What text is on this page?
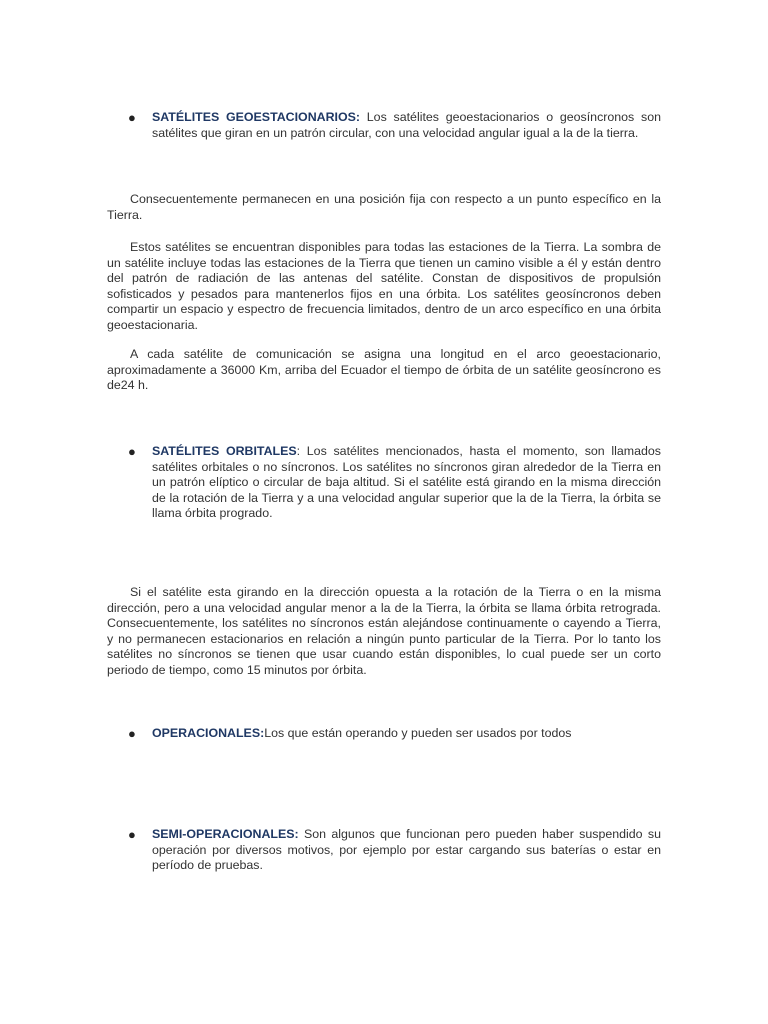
● SATÉLITES GEOESTACIONARIOS: Los satélites geoestacionarios o geosíncronos son satélites que giran en un patrón circular, con una velocidad angular igual a la de la tierra.
Consecuentemente permanecen en una posición fija con respecto a un punto específico en la Tierra.
Estos satélites se encuentran disponibles para todas las estaciones de la Tierra. La sombra de un satélite incluye todas las estaciones de la Tierra que tienen un camino visible a él y están dentro del patrón de radiación de las antenas del satélite. Constan de dispositivos de propulsión sofisticados y pesados para mantenerlos fijos en una órbita. Los satélites geosíncronos deben compartir un espacio y espectro de frecuencia limitados, dentro de un arco específico en una órbita geoestacionaria.
A cada satélite de comunicación se asigna una longitud en el arco geoestacionario, aproximadamente a 36000 Km, arriba del Ecuador el tiempo de órbita de un satélite geosíncrono es de24 h.
● SATÉLITES ORBITALES: Los satélites mencionados, hasta el momento, son llamados satélites orbitales o no síncronos. Los satélites no síncronos giran alrededor de la Tierra en un patrón elíptico o circular de baja altitud. Si el satélite está girando en la misma dirección de la rotación de la Tierra y a una velocidad angular superior que la de la Tierra, la órbita se llama órbita progrado.
Si el satélite esta girando en la dirección opuesta a la rotación de la Tierra o en la misma dirección, pero a una velocidad angular menor a la de la Tierra, la órbita se llama órbita retrograda. Consecuentemente, los satélites no síncronos están alejándose continuamente o cayendo a Tierra, y no permanecen estacionarios en relación a ningún punto particular de la Tierra. Por lo tanto los satélites no síncronos se tienen que usar cuando están disponibles, lo cual puede ser un corto periodo de tiempo, como 15 minutos por órbita.
● OPERACIONALES:Los que están operando y pueden ser usados por todos
● SEMI-OPERACIONALES: Son algunos que funcionan pero pueden haber suspendido su operación por diversos motivos, por ejemplo por estar cargando sus baterías o estar en período de pruebas.
